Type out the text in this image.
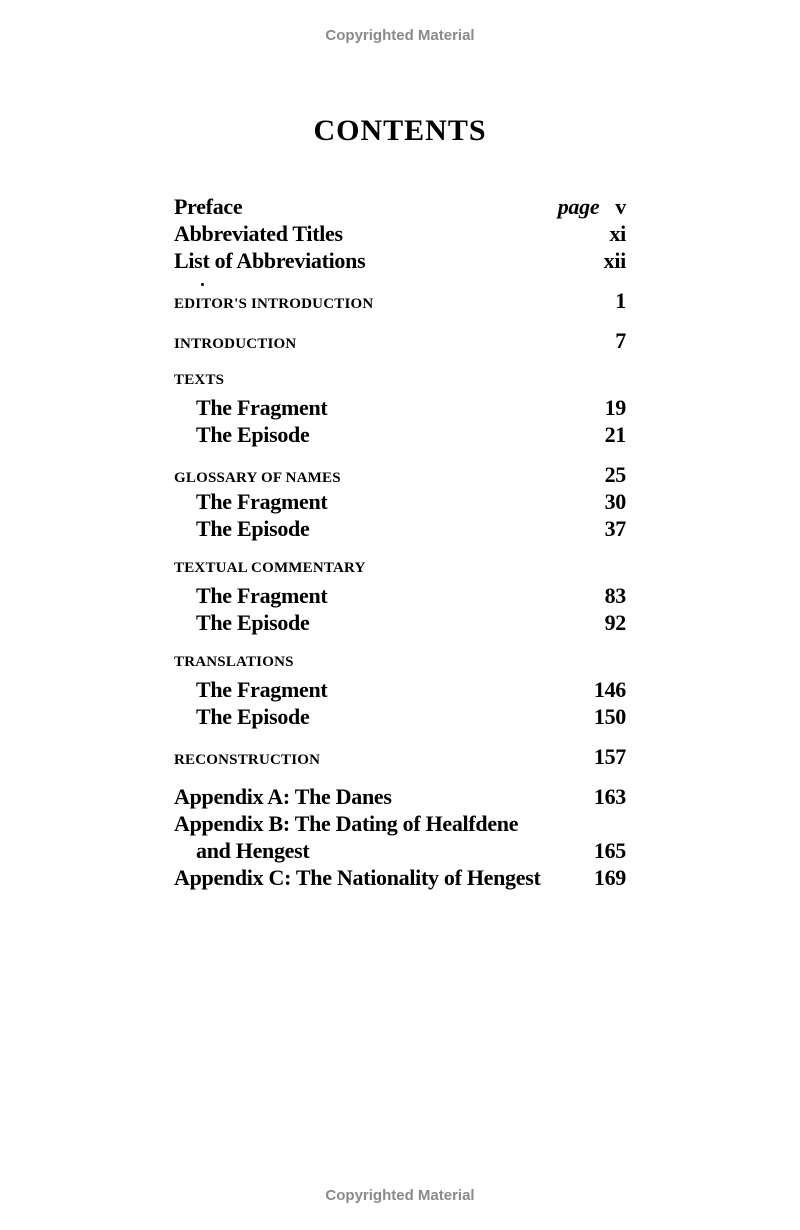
Copyrighted Material
CONTENTS
Preface	page v
Abbreviated Titles	xi
List of Abbreviations	xii
EDITOR'S INTRODUCTION	1
INTRODUCTION	7
TEXTS
The Fragment	19
The Episode	21
GLOSSARY OF NAMES	25
The Fragment	30
The Episode	37
TEXTUAL COMMENTARY
The Fragment	83
The Episode	92
TRANSLATIONS
The Fragment	146
The Episode	150
RECONSTRUCTION	157
Appendix A: The Danes	163
Appendix B: The Dating of Healfdene
and Hengest	165
Appendix C: The Nationality of Hengest 169
Copyrighted Material
